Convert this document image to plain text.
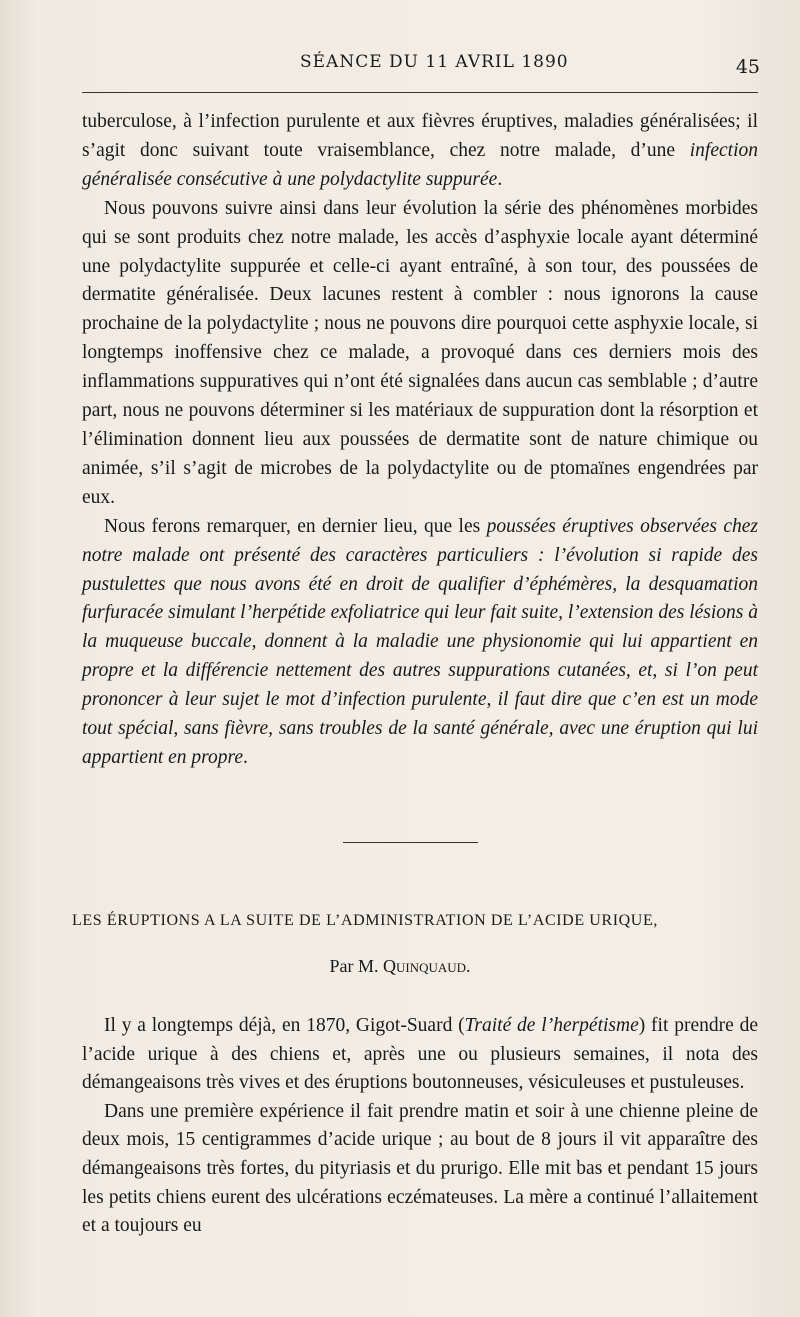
SÉANCE DU 11 AVRIL 1890	45

tuberculose, à l’infection purulente et aux fièvres éruptives, maladies généralisées; il s’agit donc suivant toute vraisemblance, chez notre malade, d’une infection généralisée consécutive à une polydactylite suppurée.

Nous pouvons suivre ainsi dans leur évolution la série des phénomènes morbides qui se sont produits chez notre malade, les accès d’asphyxie locale ayant déterminé une polydactylite suppurée et celle-ci ayant entraîné, à son tour, des poussées de dermatite généralisée. Deux lacunes restent à combler : nous ignorons la cause prochaine de la polydactylite ; nous ne pouvons dire pourquoi cette asphyxie locale, si longtemps inoffensive chez ce malade, a provoqué dans ces derniers mois des inflammations suppuratives qui n’ont été signalées dans aucun cas semblable ; d’autre part, nous ne pouvons déterminer si les matériaux de suppuration dont la résorption et l’élimination donnent lieu aux poussées de dermatite sont de nature chimique ou animée, s’il s’agit de microbes de la polydactylite ou de ptomaïnes engendrées par eux.

Nous ferons remarquer, en dernier lieu, que les poussées éruptives observées chez notre malade ont présenté des caractères particuliers : l’évolution si rapide des pustulettes que nous avons été en droit de qualifier d’éphémères, la desquamation furfuracée simulant l’herpétide exfoliatrice qui leur fait suite, l’extension des lésions à la muqueuse buccale, donnent à la maladie une physionomie qui lui appartient en propre et la différencie nettement des autres suppurations cutanées, et, si l’on peut prononcer à leur sujet le mot d’infection purulente, il faut dire que c’en est un mode tout spécial, sans fièvre, sans troubles de la santé générale, avec une éruption qui lui appartient en propre.

LES ÉRUPTIONS A LA SUITE DE L’ADMINISTRATION DE L’ACIDE URIQUE,
Par M. Quinquaud.

Il y a longtemps déjà, en 1870, Gigot-Suard (Traité de l’herpétisme) fit prendre de l’acide urique à des chiens et, après une ou plusieurs semaines, il nota des démangeaisons très vives et des éruptions boutonneuses, vésiculeuses et pustuleuses.

Dans une première expérience il fait prendre matin et soir à une chienne pleine de deux mois, 15 centigrammes d’acide urique ; au bout de 8 jours il vit apparaître des démangeaisons très fortes, du pityriasis et du prurigo. Elle mit bas et pendant 15 jours les petits chiens eurent des ulcérations eczémateuses. La mère a continué l’allaitement et a toujours eu
